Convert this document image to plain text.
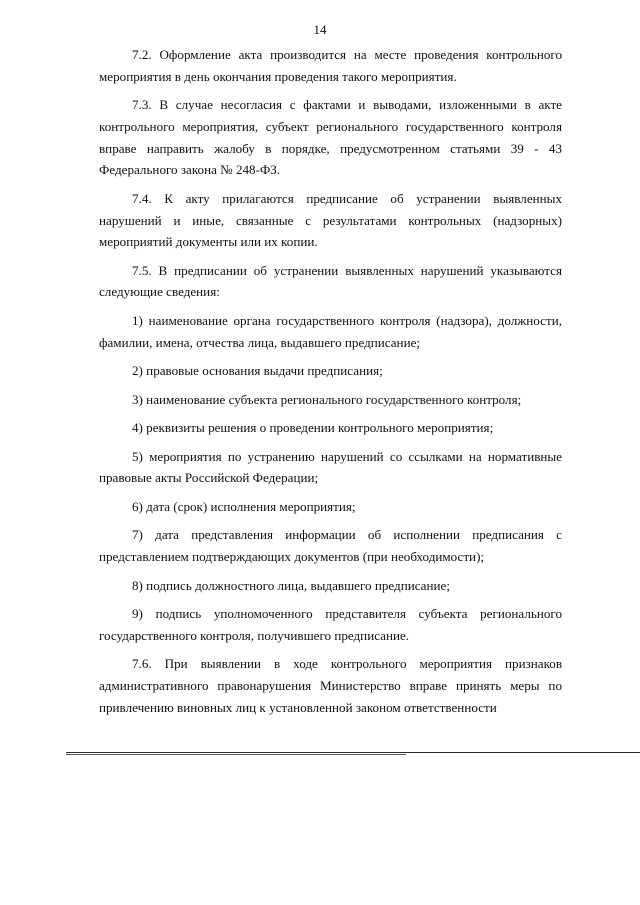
14

7.2. Оформление акта производится на месте проведения контрольного мероприятия в день окончания проведения такого мероприятия.

7.3. В случае несогласия с фактами и выводами, изложенными в акте контрольного мероприятия, субъект регионального государственного контроля вправе направить жалобу в порядке, предусмотренном статьями 39 - 43 Федерального закона № 248-ФЗ.

7.4. К акту прилагаются предписание об устранении выявленных нарушений и иные, связанные с результатами контрольных (надзорных) мероприятий документы или их копии.

7.5. В предписании об устранении выявленных нарушений указываются следующие сведения:

1) наименование органа государственного контроля (надзора), должности, фамилии, имена, отчества лица, выдавшего предписание;

2) правовые основания выдачи предписания;

3) наименование субъекта регионального государственного контроля;

4) реквизиты решения о проведении контрольного мероприятия;

5) мероприятия по устранению нарушений со ссылками на нормативные правовые акты Российской Федерации;

6) дата (срок) исполнения мероприятия;

7) дата представления информации об исполнении предписания с представлением подтверждающих документов (при необходимости);

8) подпись должностного лица, выдавшего предписание;

9) подпись уполномоченного представителя субъекта регионального государственного контроля, получившего предписание.

7.6. При выявлении в ходе контрольного мероприятия признаков административного правонарушения Министерство вправе принять меры по привлечению виновных лиц к установленной законом ответственности
